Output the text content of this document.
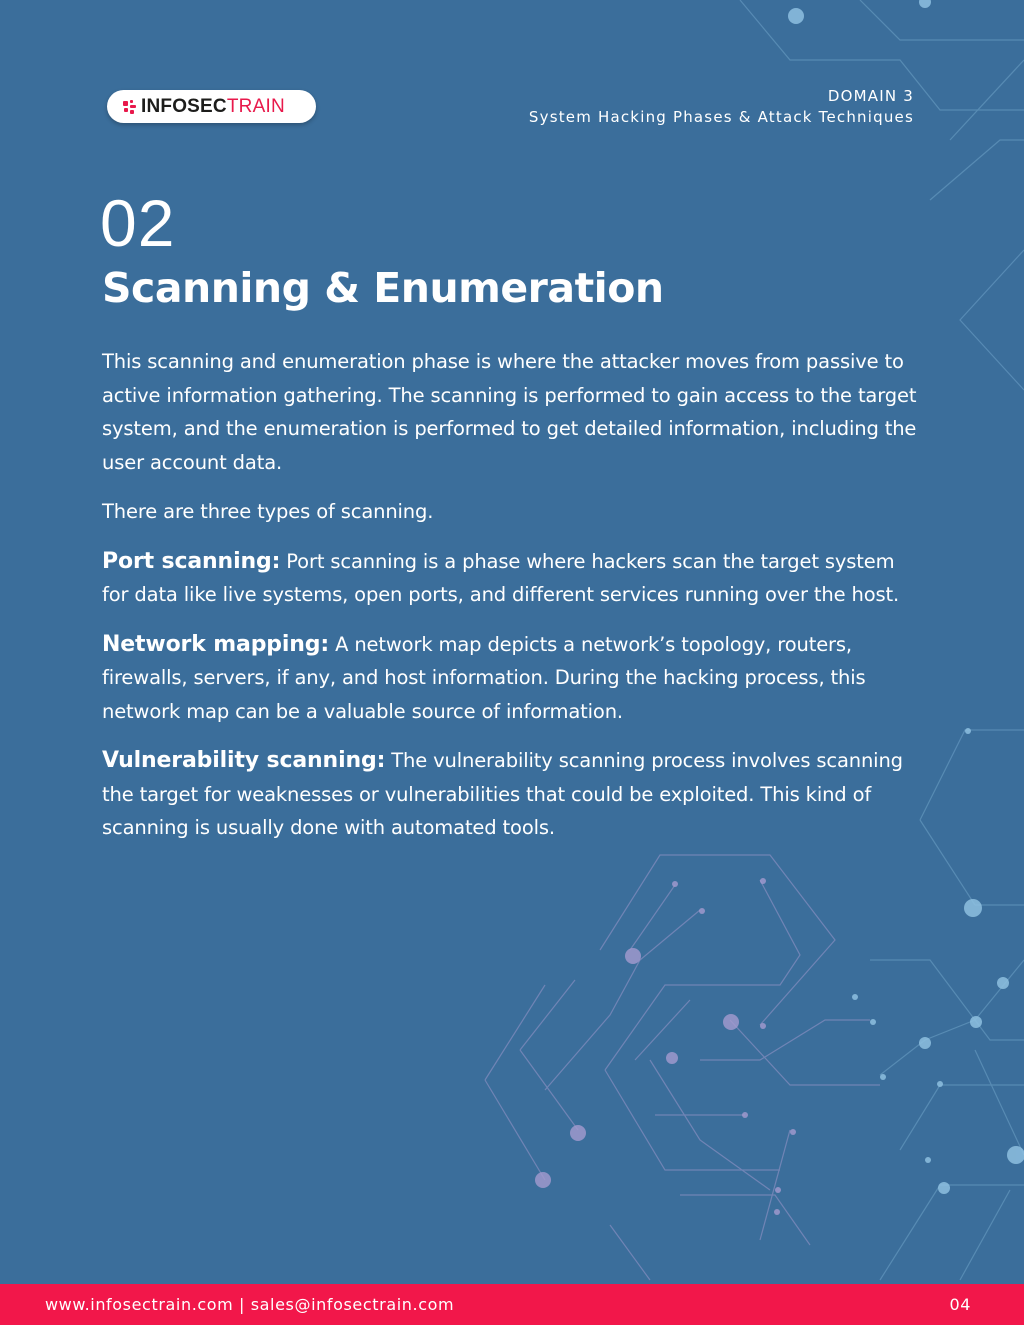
INFOSECTRAIN	DOMAIN 3
System Hacking Phases & Attack Techniques
02
Scanning & Enumeration

This scanning and enumeration phase is where the attacker moves from passive to active information gathering. The scanning is performed to gain access to the target system, and the enumeration is performed to get detailed information, including the user account data.

There are three types of scanning.

Port scanning: Port scanning is a phase where hackers scan the target system for data like live systems, open ports, and different services running over the host.

Network mapping: A network map depicts a network’s topology, routers, firewalls, servers, if any, and host information. During the hacking process, this network map can be a valuable source of information.

Vulnerability scanning: The vulnerability scanning process involves scanning the target for weaknesses or vulnerabilities that could be exploited. This kind of scanning is usually done with automated tools.

www.infosectrain.com | sales@infosectrain.com	04
